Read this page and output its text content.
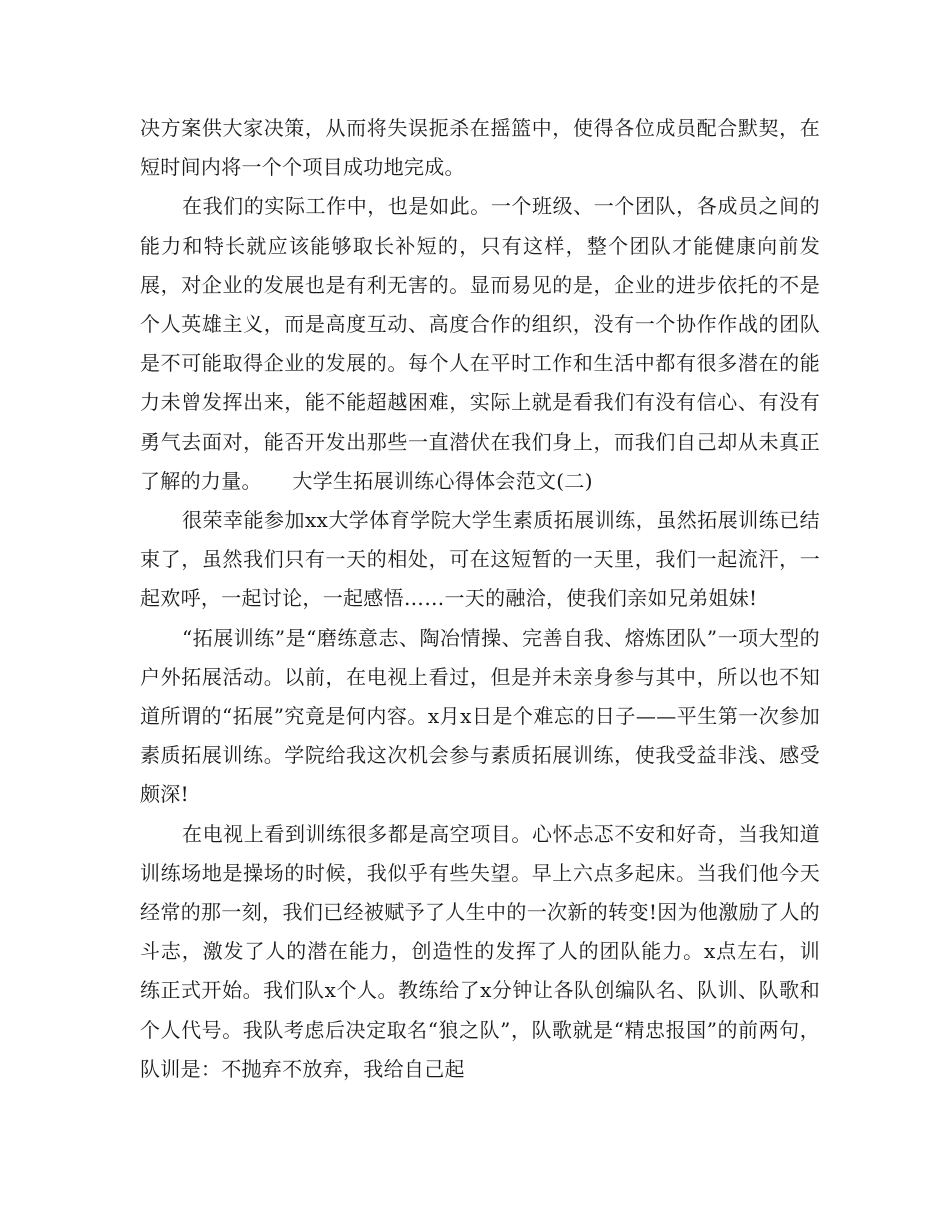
决方案供大家决策，从而将失误扼杀在摇篮中，使得各位成员配合默契，在短时间内将一个个项目成功地完成。

在我们的实际工作中，也是如此。一个班级、一个团队，各成员之间的能力和特长就应该能够取长补短的，只有这样，整个团队才能健康向前发展，对企业的发展也是有利无害的。显而易见的是，企业的进步依托的不是个人英雄主义，而是高度互动、高度合作的组织，没有一个协作作战的团队是不可能取得企业的发展的。每个人在平时工作和生活中都有很多潜在的能力未曾发挥出来，能不能超越困难，实际上就是看我们有没有信心、有没有勇气去面对，能否开发出那些一直潜伏在我们身上，而我们自己却从未真正了解的力量。　　大学生拓展训练心得体会范文(二)

很荣幸能参加xx大学体育学院大学生素质拓展训练，虽然拓展训练已结束了，虽然我们只有一天的相处，可在这短暂的一天里，我们一起流汗，一起欢呼，一起讨论，一起感悟……一天的融洽，使我们亲如兄弟姐妹!

“拓展训练”是“磨练意志、陶冶情操、完善自我、熔炼团队”一项大型的户外拓展活动。以前，在电视上看过，但是并未亲身参与其中，所以也不知道所谓的“拓展”究竟是何内容。x月x日是个难忘的日子——平生第一次参加素质拓展训练。学院给我这次机会参与素质拓展训练，使我受益非浅、感受颇深!

在电视上看到训练很多都是高空项目。心怀忐忑不安和好奇，当我知道训练场地是操场的时候，我似乎有些失望。早上六点多起床。当我们他今天经常的那一刻，我们已经被赋予了人生中的一次新的转变!因为他激励了人的斗志，激发了人的潜在能力，创造性的发挥了人的团队能力。x点左右，训练正式开始。我们队x个人。教练给了x分钟让各队创编队名、队训、队歌和个人代号。我队考虑后决定取名“狼之队”，队歌就是“精忠报国”的前两句，队训是：不抛弃不放弃，我给自己起
